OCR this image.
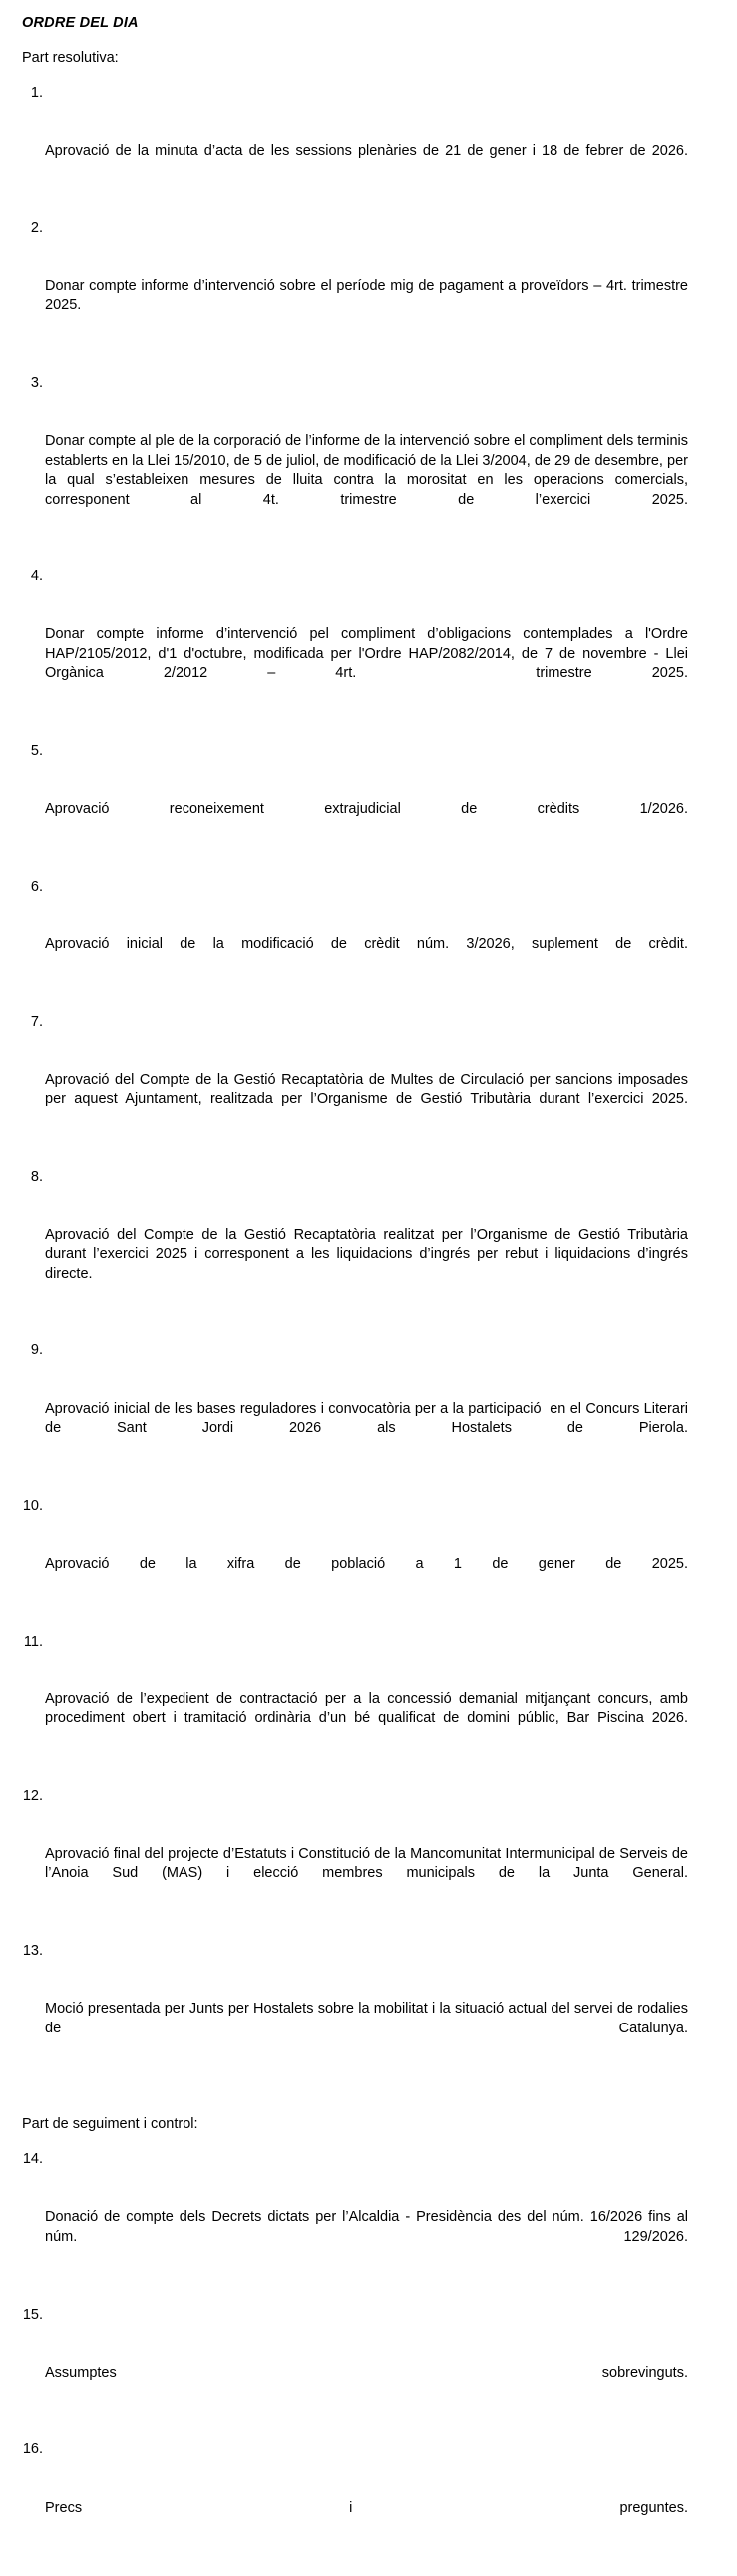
ORDRE DEL DIA
Part resolutiva:

1.

Aprovació de la minuta d’acta de les sessions plenàries de 21 de gener i 18 de febrer de 2026.

2.

Donar compte informe d’intervenció sobre el període mig de pagament a proveïdors – 4rt. trimestre 2025.

3.

Donar compte al ple de la corporació de l’informe de la intervenció sobre el compliment dels terminis establerts en la Llei 15/2010, de 5 de juliol, de modificació de la Llei 3/2004, de 29 de desembre, per la qual s’estableixen mesures de lluita contra la morositat en les operacions comercials, corresponent al 4t. trimestre de l’exercici 2025.

4.

Donar compte informe d’intervenció pel compliment d’obligacions contemplades a l'Ordre HAP/2105/2012, d'1 d'octubre, modificada per l'Ordre HAP/2082/2014, de 7 de novembre - Llei Orgànica 2/2012 – 4rt.   trimestre 2025.

5.

Aprovació reconeixement extrajudicial de crèdits 1/2026.

6.

Aprovació inicial de la modificació de crèdit núm. 3/2026, suplement de crèdit.

7.

Aprovació del Compte de la Gestió Recaptatòria de Multes de Circulació per sancions imposades per aquest Ajuntament, realitzada per l’Organisme de Gestió Tributària durant l’exercici 2025.

8.

Aprovació del Compte de la Gestió Recaptatòria realitzat per l’Organisme de Gestió Tributària durant l’exercici 2025 i corresponent a les liquidacions d’ingrés per rebut i liquidacions d’ingrés directe.

9.

Aprovació inicial de les bases reguladores i convocatòria per a la participació  en el Concurs Literari de Sant Jordi 2026 als Hostalets de Pierola.

10.

Aprovació de la xifra de població a 1 de gener de 2025.

11.

Aprovació de l’expedient de contractació per a la concessió demanial mitjançant concurs, amb procediment obert i tramitació ordinària d’un bé qualificat de domini públic, Bar Piscina 2026.

12.

Aprovació final del projecte d’Estatuts i Constitució de la Mancomunitat Intermunicipal de Serveis de l’Anoia Sud (MAS) i elecció membres municipals de la Junta General.

13.

Moció presentada per Junts per Hostalets sobre la mobilitat i la situació actual del servei de rodalies de Catalunya.

Part de seguiment i control:

14.

Donació de compte dels Decrets dictats per l’Alcaldia - Presidència des del núm. 16/2026 fins al núm. 129/2026.

15.

Assumptes sobrevinguts.

16.

Precs i preguntes.
